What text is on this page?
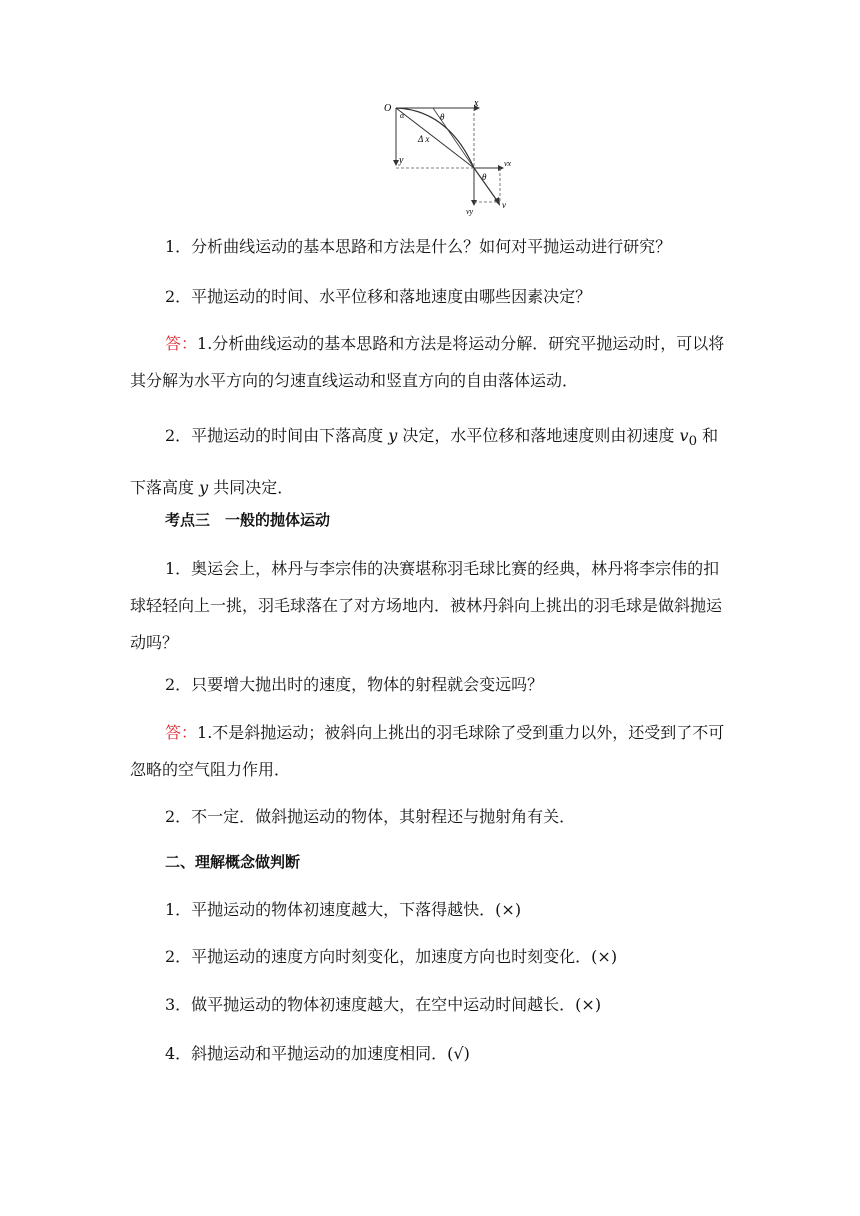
O	x
y
α	θ
Δ x
θ
vx
vy
v
1．分析曲线运动的基本思路和方法是什么？如何对平抛运动进行研究？
2．平抛运动的时间、水平位移和落地速度由哪些因素决定？
答：1.分析曲线运动的基本思路和方法是将运动分解．研究平抛运动时，可以将其分解为水平方向的匀速直线运动和竖直方向的自由落体运动．
2．平抛运动的时间由下落高度 y 决定，水平位移和落地速度则由初速度 $v_0$ 和下落高度 y 共同决定．
考点三　一般的抛体运动
1．奥运会上，林丹与李宗伟的决赛堪称羽毛球比赛的经典，林丹将李宗伟的扣球轻轻向上一挑，羽毛球落在了对方场地内．被林丹斜向上挑出的羽毛球是做斜抛运动吗？
2．只要增大抛出时的速度，物体的射程就会变远吗？
答：1.不是斜抛运动；被斜向上挑出的羽毛球除了受到重力以外，还受到了不可忽略的空气阻力作用．
2．不一定．做斜抛运动的物体，其射程还与抛射角有关．
二、理解概念做判断
1．平抛运动的物体初速度越大，下落得越快．(×)
2．平抛运动的速度方向时刻变化，加速度方向也时刻变化．(×)
3．做平抛运动的物体初速度越大，在空中运动时间越长．(×)
4．斜抛运动和平抛运动的加速度相同．(√)
